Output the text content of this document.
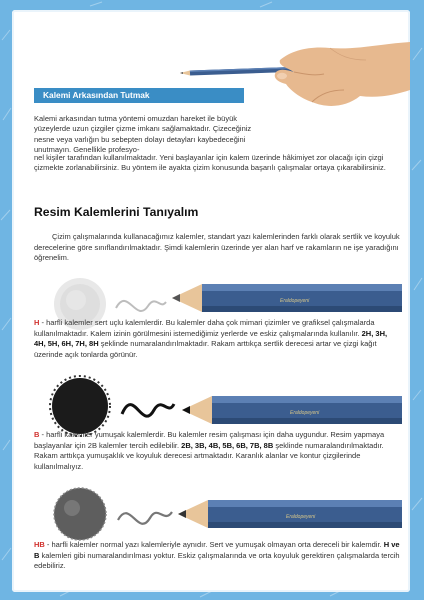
Kalemi Arkasından Tutmak

Kalemi arkasından tutma yöntemi omuzdan hareket ile büyük yüzeylerde uzun çizgiler çizme imkanı sağlamaktadır. Çizeceğiniz nesne veya varlığın bu sebepten dolayı detayları kaybedeceğini unutmayın. Genellikle profesyo-

nel kişiler tarafından kullanılmaktadır. Yeni başlayanlar için kalem üzerinde hâkimiyet zor olacağı için çizgi çizmekte zorlanabilirsiniz. Bu yöntem ile ayakta çizim konusunda başarılı çalışmalar ortaya çıkarabilirsiniz.

Resim Kalemlerini Tanıyalım

Çizim çalışmalarında kullanacağımız kalemler, standart yazı kalemlerinden farklı olarak sertlik ve koyuluk derecelerine göre sınıflandırılmaktadır. Şimdi kalemlerin üzerinde yer alan harf ve rakamların ne işe yaradığını öğrenelim.

Eraldopeyeni

H - harfli kalemler sert uçlu kalemlerdir. Bu kalemler daha çok mimari çizimler ve grafiksel çalışmalarda kullanılmaktadır. Kalem izinin görülmesini istemediğimiz yerlerde ve eskiz çalışmalarında kullanılır. 2H, 3H, 4H, 5H, 6H, 7H, 8H şeklinde numaralandırılmaktadır. Rakam arttıkça sertlik derecesi artar ve çizgi kağıt üzerinde açık tonlarda görünür.

Eraldopeyeni

B - harfli kalemler yumuşak kalemlerdir. Bu kalemler resim çalışması için daha uygundur. Resim yapmaya başlayanlar için 2B kalemler tercih edilebilir. 2B, 3B, 4B, 5B, 6B, 7B, 8B şeklinde numaralandırılmaktadır. Rakam arttıkça yumuşaklık ve koyuluk derecesi artmaktadır. Karanlık alanlar ve kontur çizgilerinde kullanılmalıyız.

Eraldopeyeni

HB - harfli kalemler normal yazı kalemleriyle aynıdır. Sert ve yumuşak olmayan orta dereceli bir kalemdir. H ve B kalemleri gibi numaralandırılması yoktur. Eskiz çalışmalarında ve orta koyuluk gerektiren çalışmalarda tercih edebiliriz.
